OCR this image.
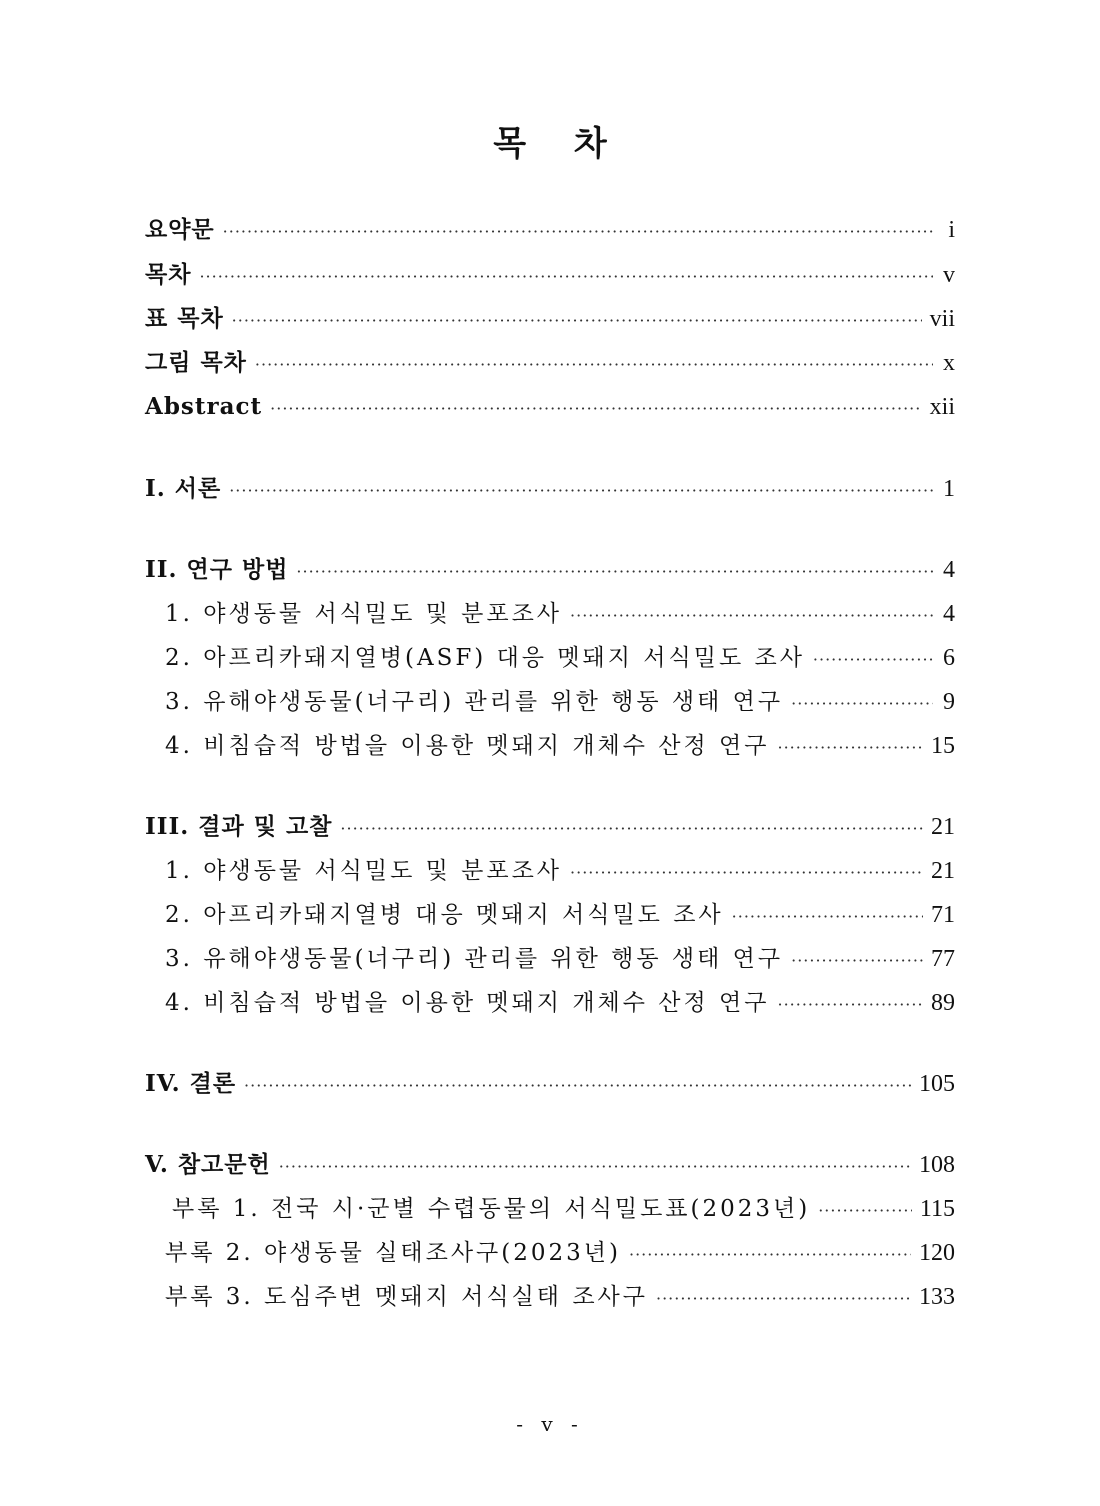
목 차
요약문 ·····	i
목차 ·····	v
표 목차 ·····	vii
그림 목차 ·····	x
Abstract ·····	xii
I. 서론 ·····	1
II. 연구 방법 ·····	4
1. 야생동물 서식밀도 및 분포조사 ·····	4
2. 아프리카돼지열병(ASF) 대응 멧돼지 서식밀도 조사 ·····	6
3. 유해야생동물(너구리) 관리를 위한 행동 생태 연구 ·····	9
4. 비침습적 방법을 이용한 멧돼지 개체수 산정 연구 ·····	15
III. 결과 및 고찰 ·····	21
1. 야생동물 서식밀도 및 분포조사 ·····	21
2. 아프리카돼지열병 대응 멧돼지 서식밀도 조사 ·····	71
3. 유해야생동물(너구리) 관리를 위한 행동 생태 연구 ·····	77
4. 비침습적 방법을 이용한 멧돼지 개체수 산정 연구 ·····	89
IV. 결론 ·····	105
V. 참고문헌 ·····	108
부록 1. 전국 시·군별 수렵동물의 서식밀도표(2023년) ·····	115
부록 2. 야생동물 실태조사구(2023년) ·····	120
부록 3. 도심주변 멧돼지 서식실태 조사구 ·····	133
- v -
